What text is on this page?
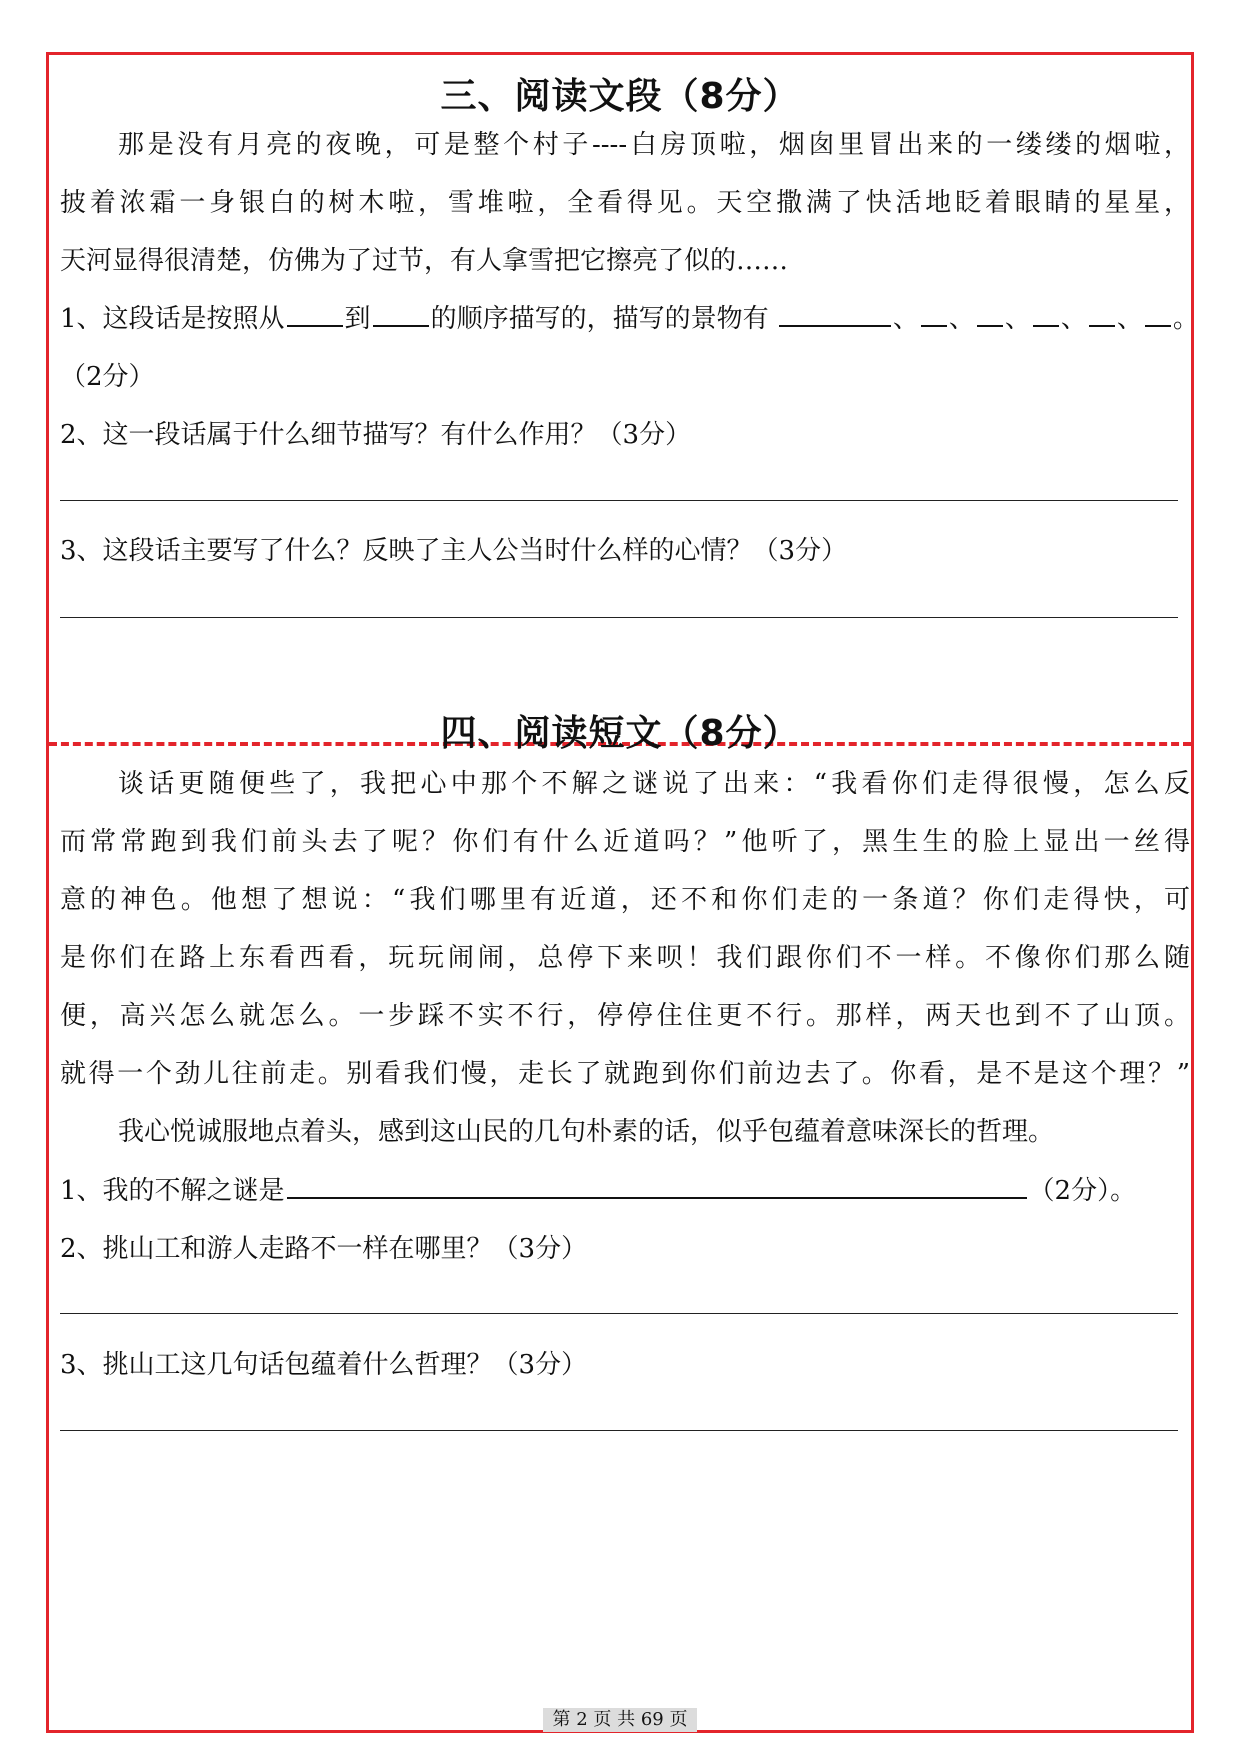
三、阅读文段（8分）
那是没有月亮的夜晚，可是整个村子----白房顶啦，烟囱里冒出来的一缕缕的烟啦，
披着浓霜一身银白的树木啦，雪堆啦，全看得见。天空撒满了快活地眨着眼睛的星星，
天河显得很清楚，仿佛为了过节，有人拿雪把它擦亮了似的……
1、这段话是按照从 到 的顺序描写的，描写的景物有	、 、 、 、 、 。
（2分）
2、这一段话属于什么细节描写？有什么作用？（3分）
3、这段话主要写了什么？反映了主人公当时什么样的心情？（3分）
四、阅读短文（8分）
谈话更随便些了，我把心中那个不解之谜说了出来：“我看你们走得很慢，怎么反
而常常跑到我们前头去了呢？你们有什么近道吗？”他听了，黑生生的脸上显出一丝得
意的神色。他想了想说：“我们哪里有近道，还不和你们走的一条道？你们走得快，可
是你们在路上东看西看，玩玩闹闹，总停下来呗！我们跟你们不一样。不像你们那么随
便，高兴怎么就怎么。一步踩不实不行，停停住住更不行。那样，两天也到不了山顶。
就得一个劲儿往前走。别看我们慢，走长了就跑到你们前边去了。你看，是不是这个理？”
我心悦诚服地点着头，感到这山民的几句朴素的话，似乎包蕴着意味深长的哲理。
1、我的不解之谜是	（2分）。
2、挑山工和游人走路不一样在哪里？（3分）
3、挑山工这几句话包蕴着什么哲理？（3分）
第 2 页 共 69 页
